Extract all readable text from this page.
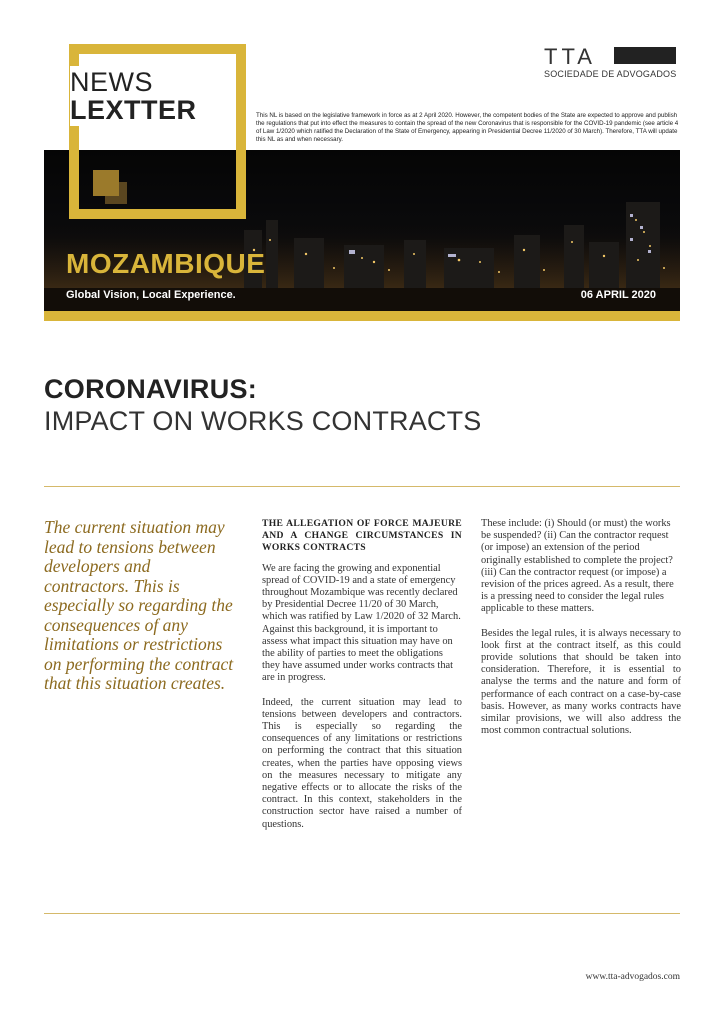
NEWS
LEXTTER
TTA
SOCIEDADE DE ADVOGADOS
This NL is based on the legislative framework in force as at 2 April 2020. However, the competent bodies of the State are expected to approve and publish the regulations that put into effect the measures to contain the spread of the new Coronavirus that is responsible for the COVID-19 pandemic (see article 4 of Law 1/2020 which ratified the Declaration of the State of Emergency, appearing in Presidential Decree 11/2020 of 30 March). Therefore, TTA will update this NL as and when necessary.
MOZAMBIQUE
Global Vision, Local Experience.	06 APRIL 2020
CORONAVIRUS:
IMPACT ON WORKS CONTRACTS
The current situation may lead to tensions between developers and contractors. This is especially so regarding the consequences of any limitations or restrictions on performing the contract that this situation creates.
THE ALLEGATION OF FORCE MAJEURE AND A CHANGE CIRCUMSTANCES IN WORKS CONTRACTS

We are facing the growing and exponential spread of COVID-19 and a state of emergency throughout Mozambique was recently declared by Presidential Decree 11/20 of 30 March, which was ratified by Law 1/2020 of 32 March. Against this background, it is important to assess what impact this situation may have on the ability of parties to meet the obligations they have assumed under works contracts that are in progress.

Indeed, the current situation may lead to tensions between developers and contractors. This is especially so regarding the consequences of any limitations or restrictions on performing the contract that this situation creates, when the parties have opposing views on the measures necessary to mitigate any negative effects or to allocate the risks of the contract. In this context, stakeholders in the construction sector have raised a number of questions.

These include: (i) Should (or must) the works be suspended? (ii) Can the contractor request (or impose) an extension of the period originally established to complete the project? (iii) Can the contractor request (or impose) a revision of the prices agreed. As a result, there is a pressing need to consider the legal rules applicable to these matters.

Besides the legal rules, it is always necessary to look first at the contract itself, as this could provide solutions that should be taken into consideration. Therefore, it is essential to analyse the terms and the nature and form of performance of each contract on a case-by-case basis. However, as many works contracts have similar provisions, we will also address the most common contractual solutions.

www.tta-advogados.com
